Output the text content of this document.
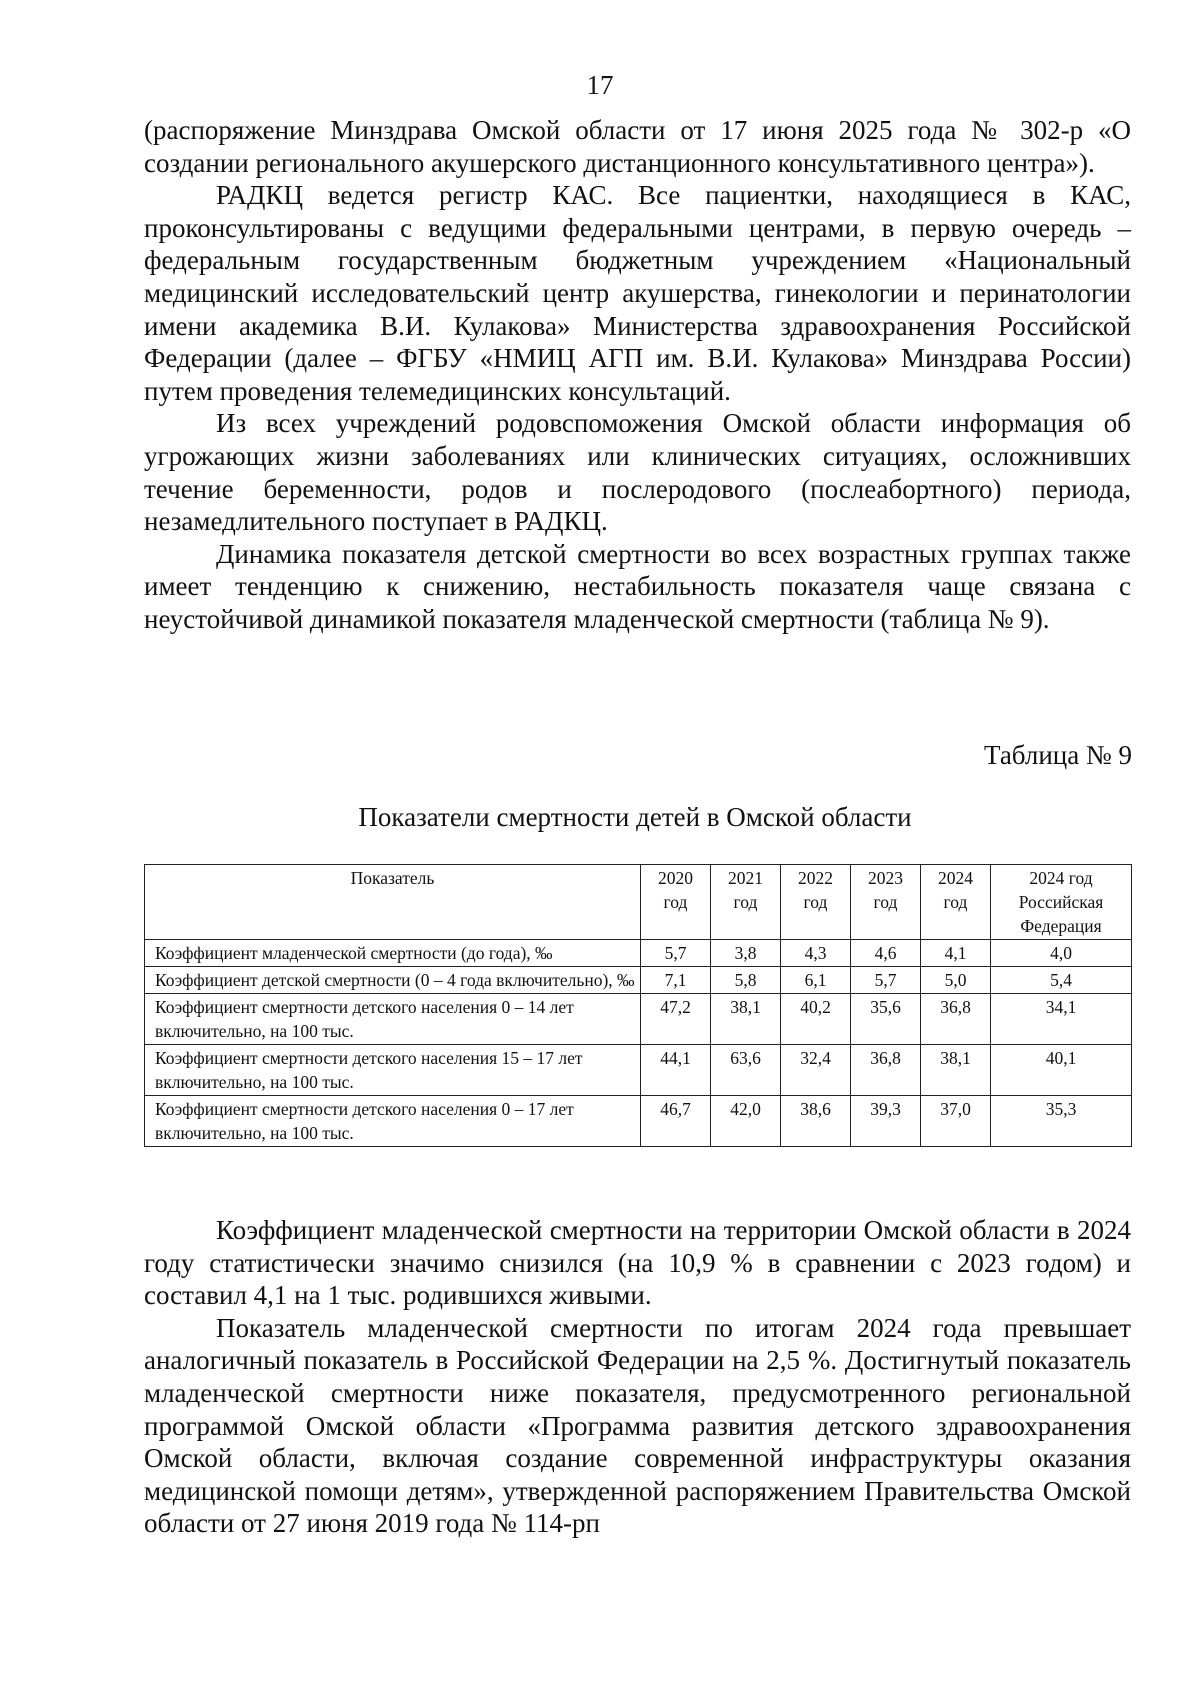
17

(распоряжение Минздрава Омской области от 17 июня 2025 года № 302-р «О создании регионального акушерского дистанционного консультативного центра»).

РАДКЦ ведется регистр КАС. Все пациентки, находящиеся в КАС, проконсультированы с ведущими федеральными центрами, в первую очередь – федеральным государственным бюджетным учреждением «Национальный медицинский исследовательский центр акушерства, гинекологии и перинатологии имени академика В.И. Кулакова» Министерства здравоохранения Российской Федерации (далее – ФГБУ «НМИЦ АГП им. В.И. Кулакова» Минздрава России) путем проведения телемедицинских консультаций.

Из всех учреждений родовспоможения Омской области информация об угрожающих жизни заболеваниях или клинических ситуациях, осложнивших течение беременности, родов и послеродового (послеабортного) периода, незамедлительного поступает в РАДКЦ.

Динамика показателя детской смертности во всех возрастных группах также имеет тенденцию к снижению, нестабильность показателя чаще связана с неустойчивой динамикой показателя младенческой смертности (таблица № 9).

Таблица № 9
Показатели смертности детей в Омской области
Показатель	2020 год	2021 год	2022 год	2023 год	2024 год	2024 год Российская Федерация
Коэффициент младенческой смертности (до года), ‰	5,7	3,8	4,3	4,6	4,1	4,0
Коэффициент детской смертности (0 – 4 года включительно), ‰	7,1	5,8	6,1	5,7	5,0	5,4
Коэффициент смертности детского населения 0 – 14 лет включительно, на 100 тыс.	47,2	38,1	40,2	35,6	36,8	34,1
Коэффициент смертности детского населения 15 – 17 лет включительно, на 100 тыс.	44,1	63,6	32,4	36,8	38,1	40,1
Коэффициент смертности детского населения 0 – 17 лет включительно, на 100 тыс.	46,7	42,0	38,6	39,3	37,0	35,3

Коэффициент младенческой смертности на территории Омской области в 2024 году статистически значимо снизился (на 10,9 % в сравнении с 2023 годом) и составил 4,1 на 1 тыс. родившихся живыми.

Показатель младенческой смертности по итогам 2024 года превышает аналогичный показатель в Российской Федерации на 2,5 %. Достигнутый показатель младенческой смертности ниже показателя, предусмотренного региональной программой Омской области «Программа развития детского здравоохранения Омской области, включая создание современной инфраструктуры оказания медицинской помощи детям», утвержденной распоряжением Правительства Омской области от 27 июня 2019 года № 114-рп
